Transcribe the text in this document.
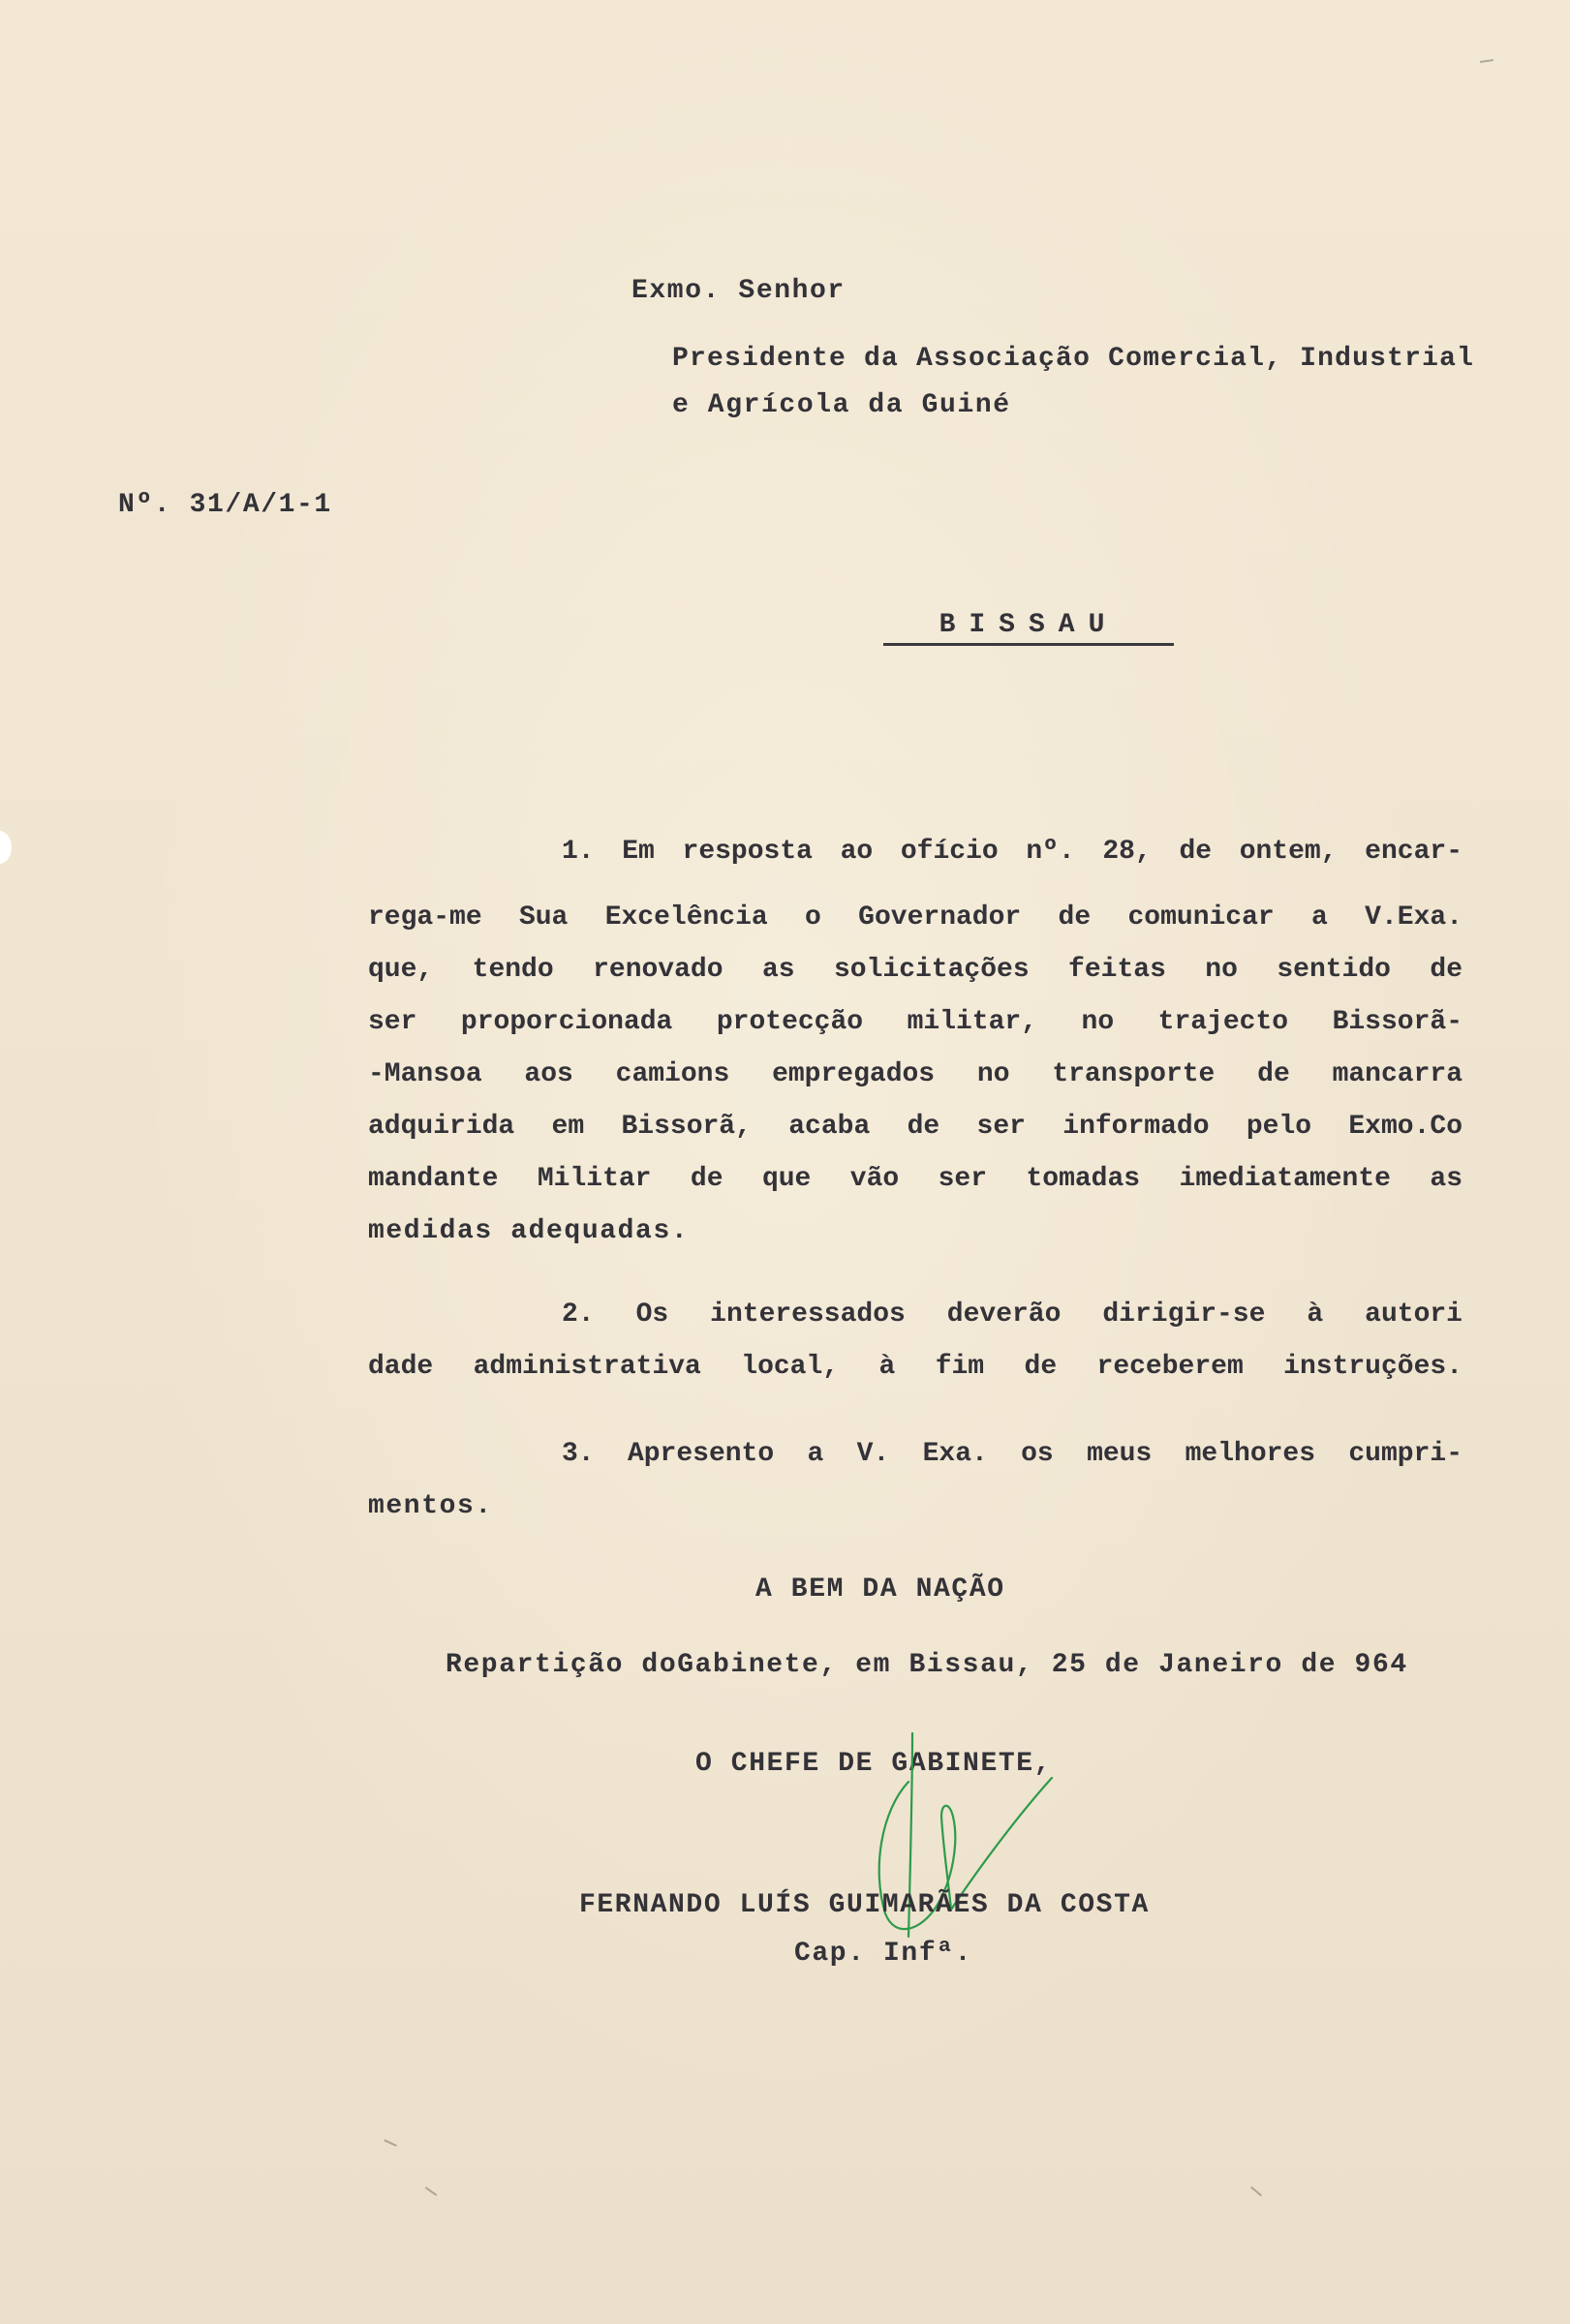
Exmo. Senhor
Presidente da Associação Comercial, Industrial
e Agrícola da Guiné
Nº. 31/A/1-1
BISSAU
1. Em resposta ao ofício nº. 28, de ontem, encar-
rega-me Sua Excelência o Governador de comunicar a V.Exa.
que, tendo renovado as solicitações feitas no sentido de
ser proporcionada protecção militar, no trajecto Bissorã-
-Mansoa aos camions empregados no transporte de mancarra
adquirida em Bissorã, acaba de ser informado pelo Exmo.Co
mandante Militar de que vão ser tomadas imediatamente as
medidas adequadas.
2. Os interessados deverão dirigir-se à autori
dade administrativa local, à fim de receberem instruções.
3. Apresento a V. Exa. os meus melhores cumpri-
mentos.
A BEM DA NAÇÃO
Repartição doGabinete, em Bissau, 25 de Janeiro de 964
O CHEFE DE GABINETE,
FERNANDO LUÍS GUIMARÃES DA COSTA
Cap. Infª.
